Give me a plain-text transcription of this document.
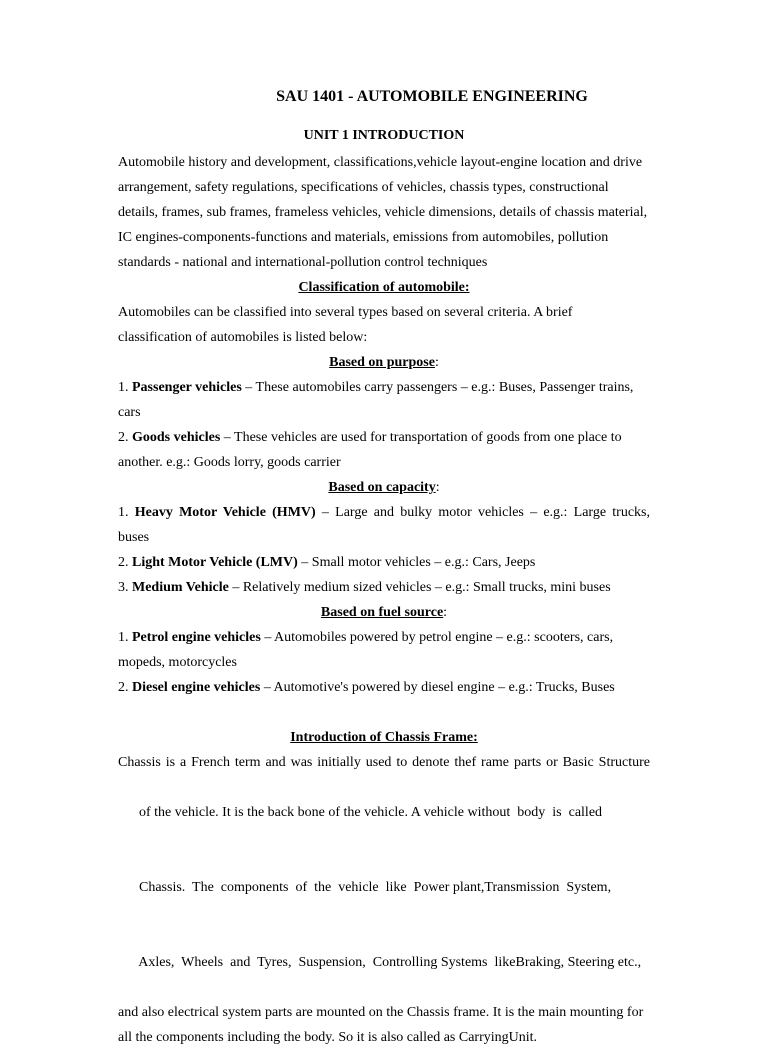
SAU 1401 - AUTOMOBILE ENGINEERING
UNIT 1 INTRODUCTION

Automobile history and development, classifications,vehicle layout-engine location and drive

arrangement, safety regulations, specifications of vehicles, chassis types, constructional

details, frames, sub frames, frameless vehicles, vehicle dimensions, details of chassis material,

IC engines-components-functions and materials, emissions from automobiles, pollution

standards - national and international-pollution control techniques

Classification of automobile:

Automobiles can be classified into several types based on several criteria. A brief

classification of automobiles is listed below:

Based on purpose:

1. Passenger vehicles – These automobiles carry passengers – e.g.: Buses, Passenger trains,

cars

2. Goods vehicles – These vehicles are used for transportation of goods from one place to

another. e.g.: Goods lorry, goods carrier

Based on capacity:

1. Heavy Motor Vehicle (HMV) – Large and bulky motor vehicles – e.g.: Large trucks,

buses

2. Light Motor Vehicle (LMV) – Small motor vehicles – e.g.: Cars, Jeeps

3. Medium Vehicle – Relatively medium sized vehicles – e.g.: Small trucks, mini buses

Based on fuel source:

1. Petrol engine vehicles – Automobiles powered by petrol engine – e.g.: scooters, cars,

mopeds, motorcycles

2. Diesel engine vehicles – Automotive's powered by diesel engine – e.g.: Trucks, Buses

Introduction of Chassis Frame:

Chassis is a French term and was initially used to denote thef rame parts or Basic Structure

of the vehicle. It is the back bone of the vehicle. A vehicle without  body  is  called

Chassis.  The  components  of  the  vehicle  like  Power plant,Transmission  System,

Axles,  Wheels  and  Tyres,  Suspension,  Controlling Systems  likeBraking, Steering etc.,

and also electrical system parts are mounted on the Chassis frame. It is the main mounting for

all the components including the body. So it is also called as CarryingUnit.
